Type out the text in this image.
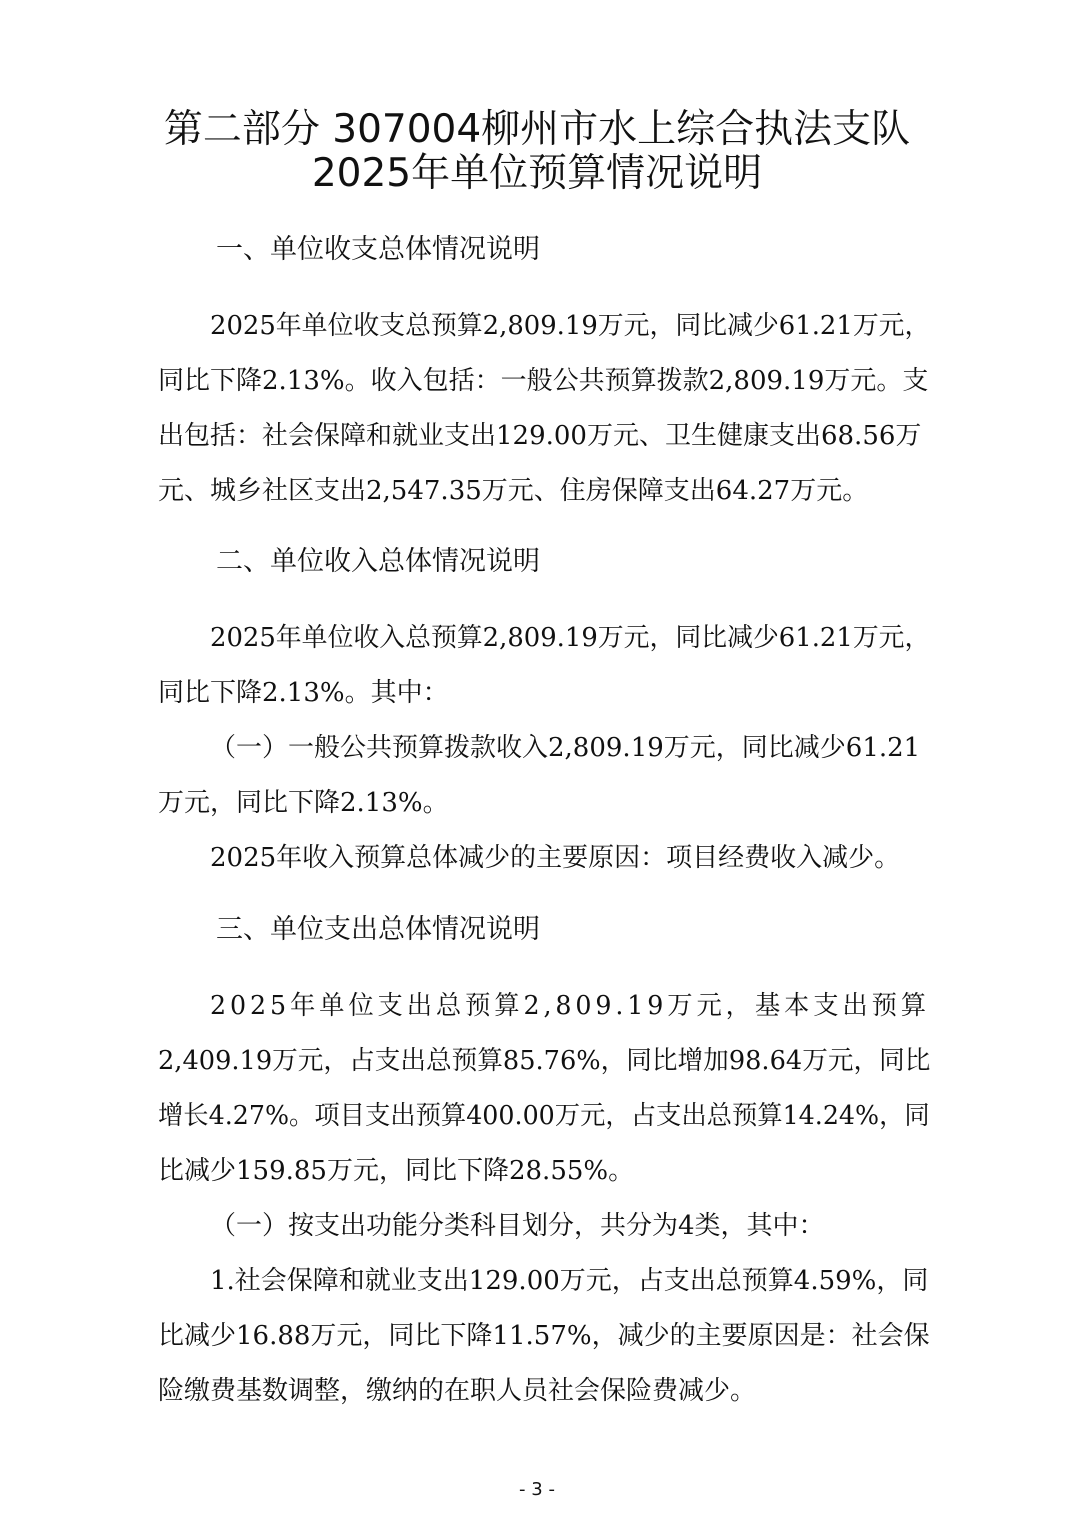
第二部分 307004柳州市水上综合执法支队
2025年单位预算情况说明
一、单位收支总体情况说明
2025年单位收支总预算2,809.19万元，同比减少61.21万元，
同比下降2.13%。收入包括：一般公共预算拨款2,809.19万元。支
出包括：社会保障和就业支出129.00万元、卫生健康支出68.56万
元、城乡社区支出2,547.35万元、住房保障支出64.27万元。
二、单位收入总体情况说明
2025年单位收入总预算2,809.19万元，同比减少61.21万元，
同比下降2.13%。其中：
（一）一般公共预算拨款收入2,809.19万元，同比减少61.21
万元，同比下降2.13%。
2025年收入预算总体减少的主要原因：项目经费收入减少。
三、单位支出总体情况说明
2025年单位支出总预算2,809.19万元，基本支出预算
2,409.19万元，占支出总预算85.76%，同比增加98.64万元，同比
增长4.27%。项目支出预算400.00万元，占支出总预算14.24%，同
比减少159.85万元，同比下降28.55%。
（一）按支出功能分类科目划分，共分为4类，其中：
1.社会保障和就业支出129.00万元，占支出总预算4.59%，同
比减少16.88万元，同比下降11.57%，减少的主要原因是：社会保
险缴费基数调整，缴纳的在职人员社会保险费减少。
- 3 -
